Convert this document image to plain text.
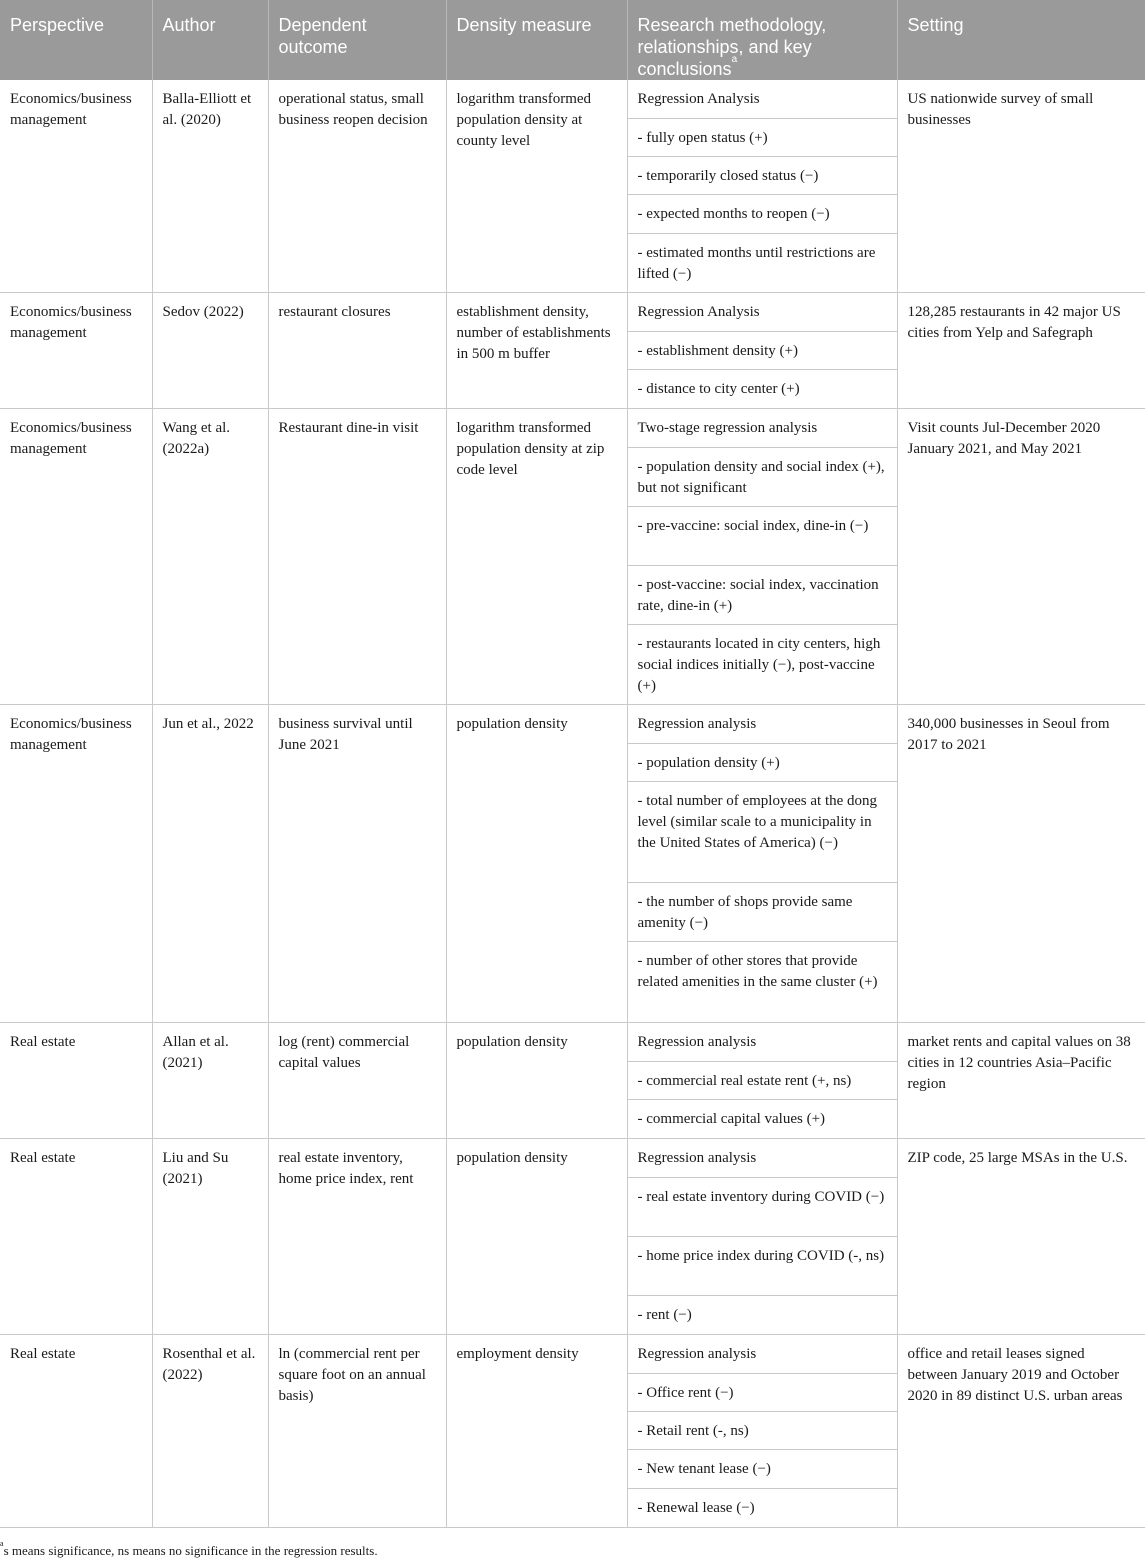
Perspective	Author	Dependent outcome	Density measure	Research methodology, relationships, and key conclusions$^a$	Setting
Economics/business management	Balla-Elliott et al. (2020)	operational status, small business reopen decision	logarithm transformed population density at county level	Regression Analysis
- fully open status (+)
- temporarily closed status (−)
- expected months to reopen (−)
- estimated months until restrictions are lifted (−)	US nationwide survey of small businesses
Economics/business management	Sedov (2022)	restaurant closures	establishment density, number of establishments in 500 m buffer	Regression Analysis
- establishment density (+)
- distance to city center (+)	128,285 restaurants in 42 major US cities from Yelp and Safegraph
Economics/business management	Wang et al. (2022a)	Restaurant dine-in visit	logarithm transformed population density at zip code level	Two-stage regression analysis
- population density and social index (+), but not significant
- pre-vaccine: social index, dine-in (−)
- post-vaccine: social index, vaccination rate, dine-in (+)
- restaurants located in city centers, high social indices initially (−), post-vaccine (+)	Visit counts Jul-December 2020 January 2021, and May 2021
Economics/business management	Jun et al., 2022	business survival until June 2021	population density	Regression analysis
- population density (+)
- total number of employees at the dong level (similar scale to a municipality in the United States of America) (−)
- the number of shops provide same amenity (−)
- number of other stores that provide related amenities in the same cluster (+)	340,000 businesses in Seoul from 2017 to 2021
Real estate	Allan et al. (2021)	log (rent) commercial capital values	population density	Regression analysis
- commercial real estate rent (+, ns)
- commercial capital values (+)	market rents and capital values on 38 cities in 12 countries Asia–Pacific region
Real estate	Liu and Su (2021)	real estate inventory, home price index, rent	population density	Regression analysis
- real estate inventory during COVID (−)
- home price index during COVID (-, ns)
- rent (−)	ZIP code, 25 large MSAs in the U.S.
Real estate	Rosenthal et al. (2022)	ln (commercial rent per square foot on an annual basis)	employment density	Regression analysis
- Office rent (−)
- Retail rent (-, ns)
- New tenant lease (−)
- Renewal lease (−)	office and retail leases signed between January 2019 and October 2020 in 89 distinct U.S. urban areas
$^a$s means significance, ns means no significance in the regression results.
